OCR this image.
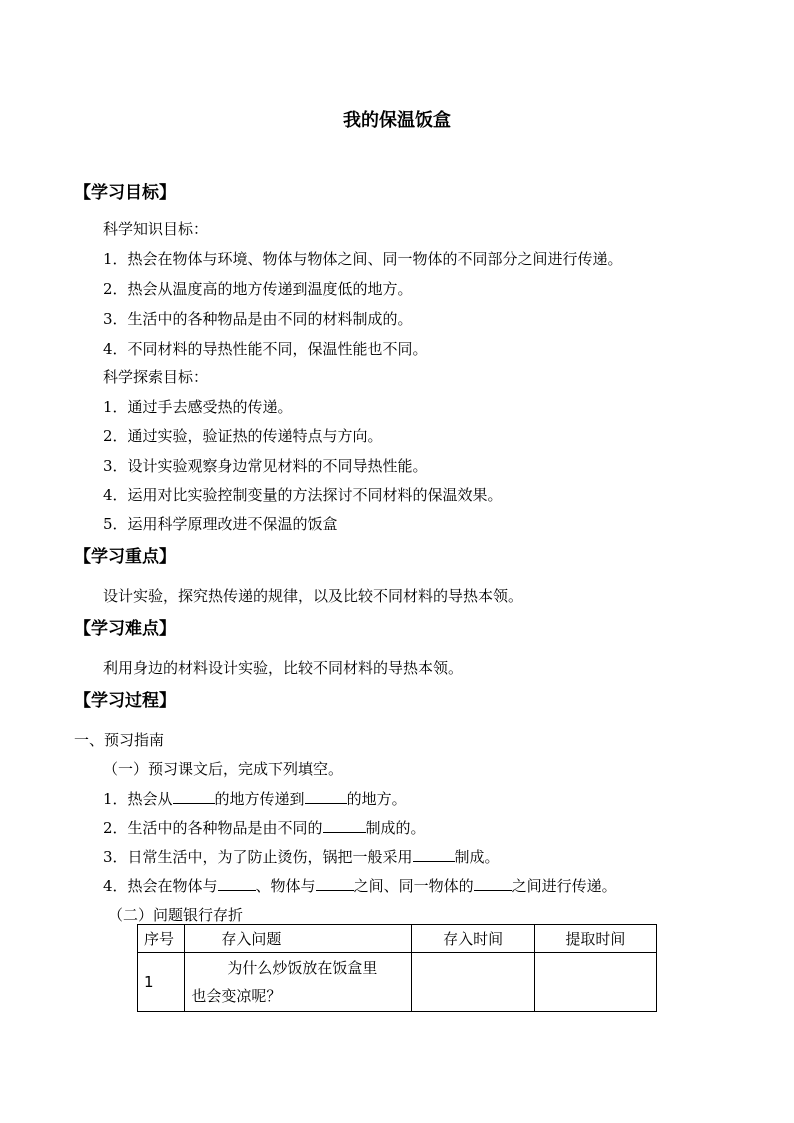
我的保温饭盒
【学习目标】
科学知识目标：
1．热会在物体与环境、物体与物体之间、同一物体的不同部分之间进行传递。
2．热会从温度高的地方传递到温度低的地方。
3．生活中的各种物品是由不同的材料制成的。
4．不同材料的导热性能不同，保温性能也不同。
科学探索目标：
1．通过手去感受热的传递。
2．通过实验，验证热的传递特点与方向。
3．设计实验观察身边常见材料的不同导热性能。
4．运用对比实验控制变量的方法探讨不同材料的保温效果。
5．运用科学原理改进不保温的饭盒
【学习重点】
设计实验，探究热传递的规律，以及比较不同材料的导热本领。
【学习难点】
利用身边的材料设计实验，比较不同材料的导热本领。
【学习过程】
一、预习指南
（一）预习课文后，完成下列填空。
1．热会从	的地方传递到	的地方。
2．生活中的各种物品是由不同的	制成的。
3．日常生活中，为了防止烫伤，锅把一般采用	制成。
4．热会在物体与	、物体与	之间、同一物体的	之间进行传递。
（二）问题银行存折
序号	存入问题	存入时间	提取时间
1	为什么炒饭放在饭盒里
也会变凉呢？		
